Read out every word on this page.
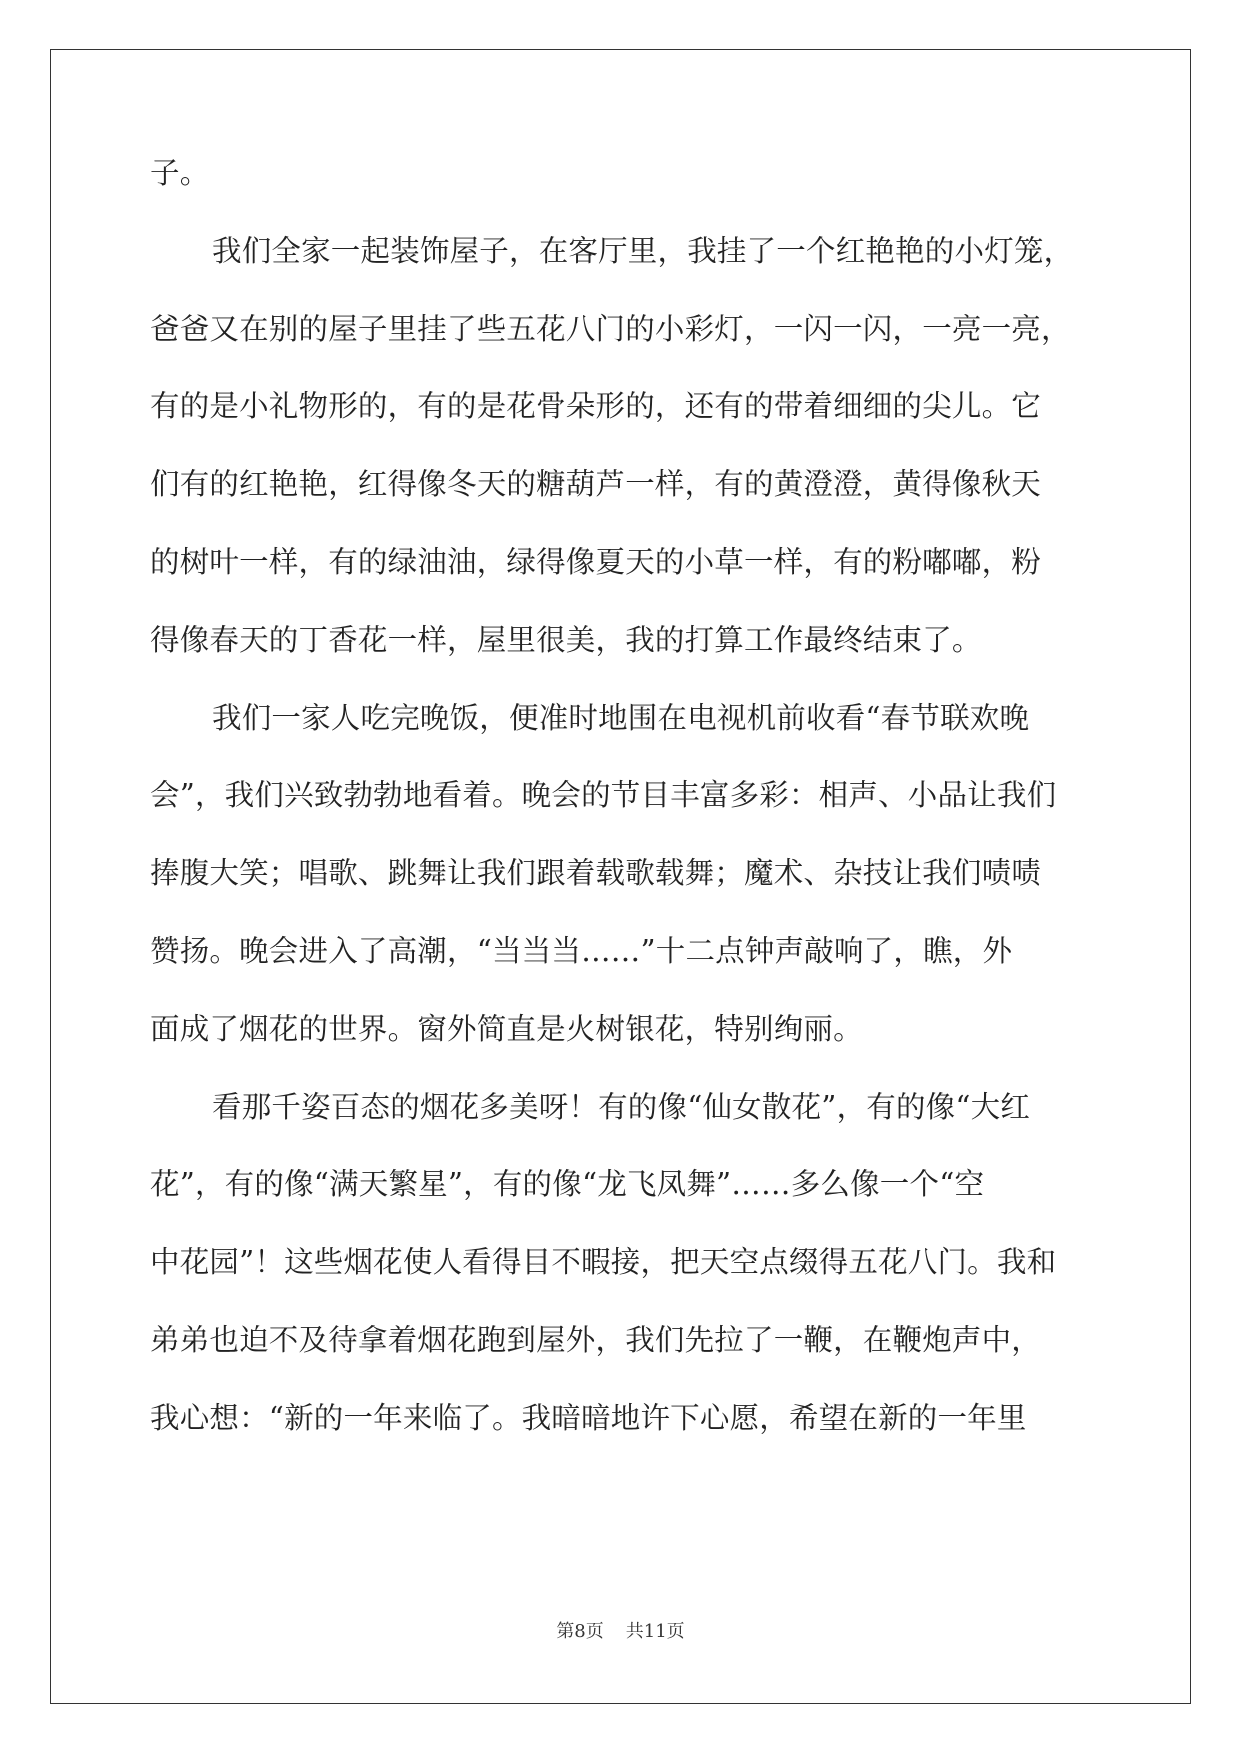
子。
我们全家一起装饰屋子，在客厅里，我挂了一个红艳艳的小灯笼，
爸爸又在别的屋子里挂了些五花八门的小彩灯，一闪一闪，一亮一亮，
有的是小礼物形的，有的是花骨朵形的，还有的带着细细的尖儿。它
们有的红艳艳，红得像冬天的糖葫芦一样，有的黄澄澄，黄得像秋天
的树叶一样，有的绿油油，绿得像夏天的小草一样，有的粉嘟嘟，粉
得像春天的丁香花一样，屋里很美，我的打算工作最终结束了。
我们一家人吃完晚饭，便准时地围在电视机前收看“春节联欢晚
会”，我们兴致勃勃地看着。晚会的节目丰富多彩：相声、小品让我们
捧腹大笑；唱歌、跳舞让我们跟着载歌载舞；魔术、杂技让我们啧啧
赞扬。晚会进入了高潮，“当当当……”十二点钟声敲响了，瞧，外
面成了烟花的世界。窗外简直是火树银花，特别绚丽。
看那千姿百态的烟花多美呀！有的像“仙女散花”，有的像“大红
花”，有的像“满天繁星”，有的像“龙飞凤舞”……多么像一个“空
中花园”！这些烟花使人看得目不暇接，把天空点缀得五花八门。我和
弟弟也迫不及待拿着烟花跑到屋外，我们先拉了一鞭，在鞭炮声中，
我心想：“新的一年来临了。我暗暗地许下心愿，希望在新的一年里
第8页 共11页
